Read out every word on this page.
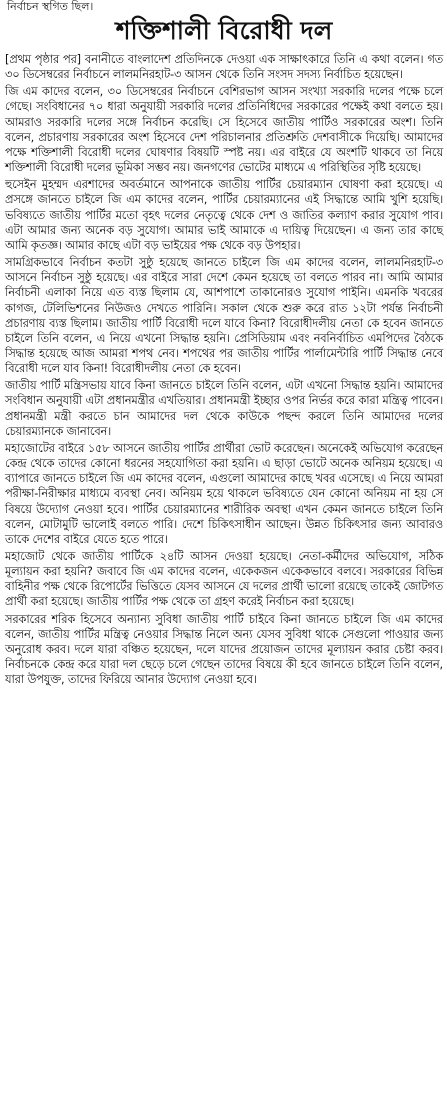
নির্বাচন স্থগিত ছিল।
শক্তিশালী বিরোধী দল

[প্রথম পৃষ্ঠার পর] বনানীতে বাংলাদেশ প্রতিদিনকে দেওয়া এক সাক্ষাৎকারে তিনি এ কথা বলেন। গত ৩০ ডিসেম্বরের নির্বাচনে লালমনিরহাট-৩ আসন থেকে তিনি সংসদ সদস্য নির্বাচিত হয়েছেন।

জি এম কাদের বলেন, ৩০ ডিসেম্বরের নির্বাচনে বেশিরভাগ আসন সংখ্যা সরকারি দলের পক্ষে চলে গেছে। সংবিধানের ৭০ ধারা অনুযায়ী সরকারি দলের প্রতিনিধিদের সরকারের পক্ষেই কথা বলতে হয়। আমরাও সরকারি দলের সঙ্গে নির্বাচন করেছি। সে হিসেবে জাতীয় পার্টিও সরকারের অংশ। তিনি বলেন, প্রচারণায় সরকারের অংশ হিসেবে দেশ পরিচালনার প্রতিশ্রুতি দেশবাসীকে দিয়েছি। আমাদের পক্ষে শক্তিশালী বিরোধী দলের ঘোষণার বিষয়টি স্পষ্ট নয়। এর বাইরে যে অংশটি থাকবে তা নিয়ে শক্তিশালী বিরোধী দলের ভূমিকা সম্ভব নয়। জনগণের ভোটের মাধ্যমে এ পরিস্থিতির সৃষ্টি হয়েছে।

হুসেইন মুহম্মদ এরশাদের অবর্তমানে আপনাকে জাতীয় পার্টির চেয়ারম্যান ঘোষণা করা হয়েছে। এ প্রসঙ্গে জানতে চাইলে জি এম কাদের বলেন, পার্টির চেয়ারম্যানের এই সিদ্ধান্তে আমি খুশি হয়েছি। ভবিষ্যতে জাতীয় পার্টির মতো বৃহৎ দলের নেতৃত্বে থেকে দেশ ও জাতির কল্যাণ করার সুযোগ পাব। এটা আমার জন্য অনেক বড় সুযোগ। আমার ভাই আমাকে এ দায়িত্ব দিয়েছেন। এ জন্য তার কাছে আমি কৃতজ্ঞ। আমার কাছে এটা বড় ভাইয়ের পক্ষ থেকে বড় উপহার।

সামগ্রিকভাবে নির্বাচন কতটা সুষ্ঠু হয়েছে জানতে চাইলে জি এম কাদের বলেন, লালমনিরহাট-৩ আসনে নির্বাচন সুষ্ঠু হয়েছে। এর বাইরে সারা দেশে কেমন হয়েছে তা বলতে পারব না। আমি আমার নির্বাচনী এলাকা নিয়ে এত ব্যস্ত ছিলাম যে, আশপাশে তাকানোরও সুযোগ পাইনি। এমনকি খবরের কাগজ, টেলিভিশনের নিউজও দেখতে পারিনি। সকাল থেকে শুরু করে রাত ১২টা পর্যন্ত নির্বাচনী প্রচারণায় ব্যস্ত ছিলাম। জাতীয় পার্টি বিরোধী দলে যাবে কিনা? বিরোধীদলীয় নেতা কে হবেন জানতে চাইলে তিনি বলেন, এ নিয়ে এখনো সিদ্ধান্ত হয়নি। প্রেসিডিয়াম এবং নবনির্বাচিত এমপিদের বৈঠকে সিদ্ধান্ত হয়েছে আজ আমরা শপথ নেব। শপথের পর জাতীয় পার্টির পার্লামেন্টারি পার্টি সিদ্ধান্ত নেবে বিরোধী দলে যাব কিনা! বিরোধীদলীয় নেতা কে হবেন।

জাতীয় পার্টি মন্ত্রিসভায় যাবে কিনা জানতে চাইলে তিনি বলেন, এটা এখনো সিদ্ধান্ত হয়নি। আমাদের সংবিধান অনুযায়ী এটা প্রধানমন্ত্রীর এখতিয়ার। প্রধানমন্ত্রী ইচ্ছার ওপর নির্ভর করে কারা মন্ত্রিত্ব পাবেন। প্রধানমন্ত্রী মন্ত্রী করতে চান আমাদের দল থেকে কাউকে পছন্দ করলে তিনি আমাদের দলের চেয়ারম্যানকে জানাবেন।

মহাজোটের বাইরে ১৫৮ আসনে জাতীয় পার্টির প্রার্থীরা ভোট করেছেন। অনেকেই অভিযোগ করেছেন কেন্দ্র থেকে তাদের কোনো ধরনের সহযোগিতা করা হয়নি। এ ছাড়া ভোটে অনেক অনিয়ম হয়েছে। এ ব্যাপারে জানতে চাইলে জি এম কাদের বলেন, এগুলো আমাদের কাছে খবর এসেছে। এ নিয়ে আমরা পরীক্ষা-নিরীক্ষার মাধ্যমে ব্যবস্থা নেব। অনিয়ম হয়ে থাকলে ভবিষ্যতে যেন কোনো অনিয়ম না হয় সে বিষয়ে উদ্যোগ নেওয়া হবে। পার্টির চেয়ারম্যানের শারীরিক অবস্থা এখন কেমন জানতে চাইলে তিনি বলেন, মোটামুটি ভালোই বলতে পারি। দেশে চিকিৎসাধীন আছেন। উন্নত চিকিৎসার জন্য আবারও তাকে দেশের বাইরে যেতে হতে পারে।

মহাজোট থেকে জাতীয় পার্টিকে ২৪টি আসন দেওয়া হয়েছে। নেতা-কর্মীদের অভিযোগ, সঠিক মূল্যায়ন করা হয়নি? জবাবে জি এম কাদের বলেন, একেকজন একেকভাবে বলবে। সরকারের বিভিন্ন বাহিনীর পক্ষ থেকে রিপোর্টের ভিত্তিতে যেসব আসনে যে দলের প্রার্থী ভালো রয়েছে তাকেই জোটগত প্রার্থী করা হয়েছে। জাতীয় পার্টির পক্ষ থেকে তা গ্রহণ করেই নির্বাচন করা হয়েছে।

সরকারের শরিক হিসেবে অন্যান্য সুবিধা জাতীয় পার্টি চাইবে কিনা জানতে চাইলে জি এম কাদের বলেন, জাতীয় পার্টির মন্ত্রিত্ব নেওয়ার সিদ্ধান্ত নিলে অন্য যেসব সুবিধা থাকে সেগুলো পাওয়ার জন্য অনুরোধ করব। দলে যারা বঞ্চিত হয়েছেন, দলে যাদের প্রয়োজন তাদের মূল্যায়ন করার চেষ্টা করব। নির্বাচনকে কেন্দ্র করে যারা দল ছেড়ে চলে গেছেন তাদের বিষয়ে কী হবে জানতে চাইলে তিনি বলেন, যারা উপযুক্ত, তাদের ফিরিয়ে আনার উদ্যোগ নেওয়া হবে।
